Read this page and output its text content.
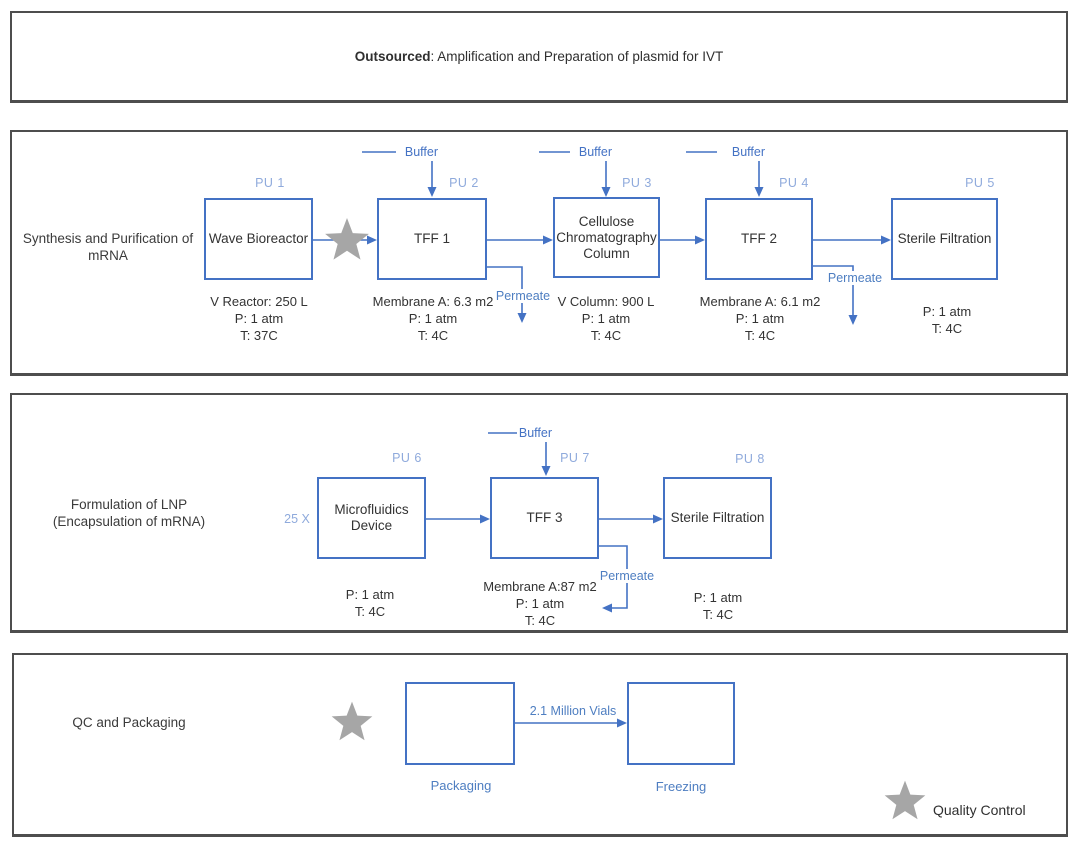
Outsourced: Amplification and Preparation of plasmid for IVT
Synthesis and Purification of mRNA
PU 1
Wave Bioreactor
V Reactor: 250 L
P: 1 atm
T: 37C
Buffer
PU 2
TFF 1
Membrane A: 6.3 m2
P: 1 atm
T: 4C
Permeate
Buffer
PU 3
Cellulose Chromatography Column
V Column: 900 L
P: 1 atm
T: 4C
Buffer
PU 4
TFF 2
Membrane A: 6.1 m2
P: 1 atm
T: 4C
Permeate
PU 5
Sterile Filtration
P: 1 atm
T: 4C
Formulation of LNP (Encapsulation of mRNA)	25 X
PU 6
Microfluidics Device
P: 1 atm
T: 4C
Buffer
PU 7
TFF 3
Membrane A:87 m2
P: 1 atm
T: 4C
Permeate
PU 8
Sterile Filtration
P: 1 atm
T: 4C
QC and Packaging
Packaging
2.1 Million Vials
Freezing
Quality Control
